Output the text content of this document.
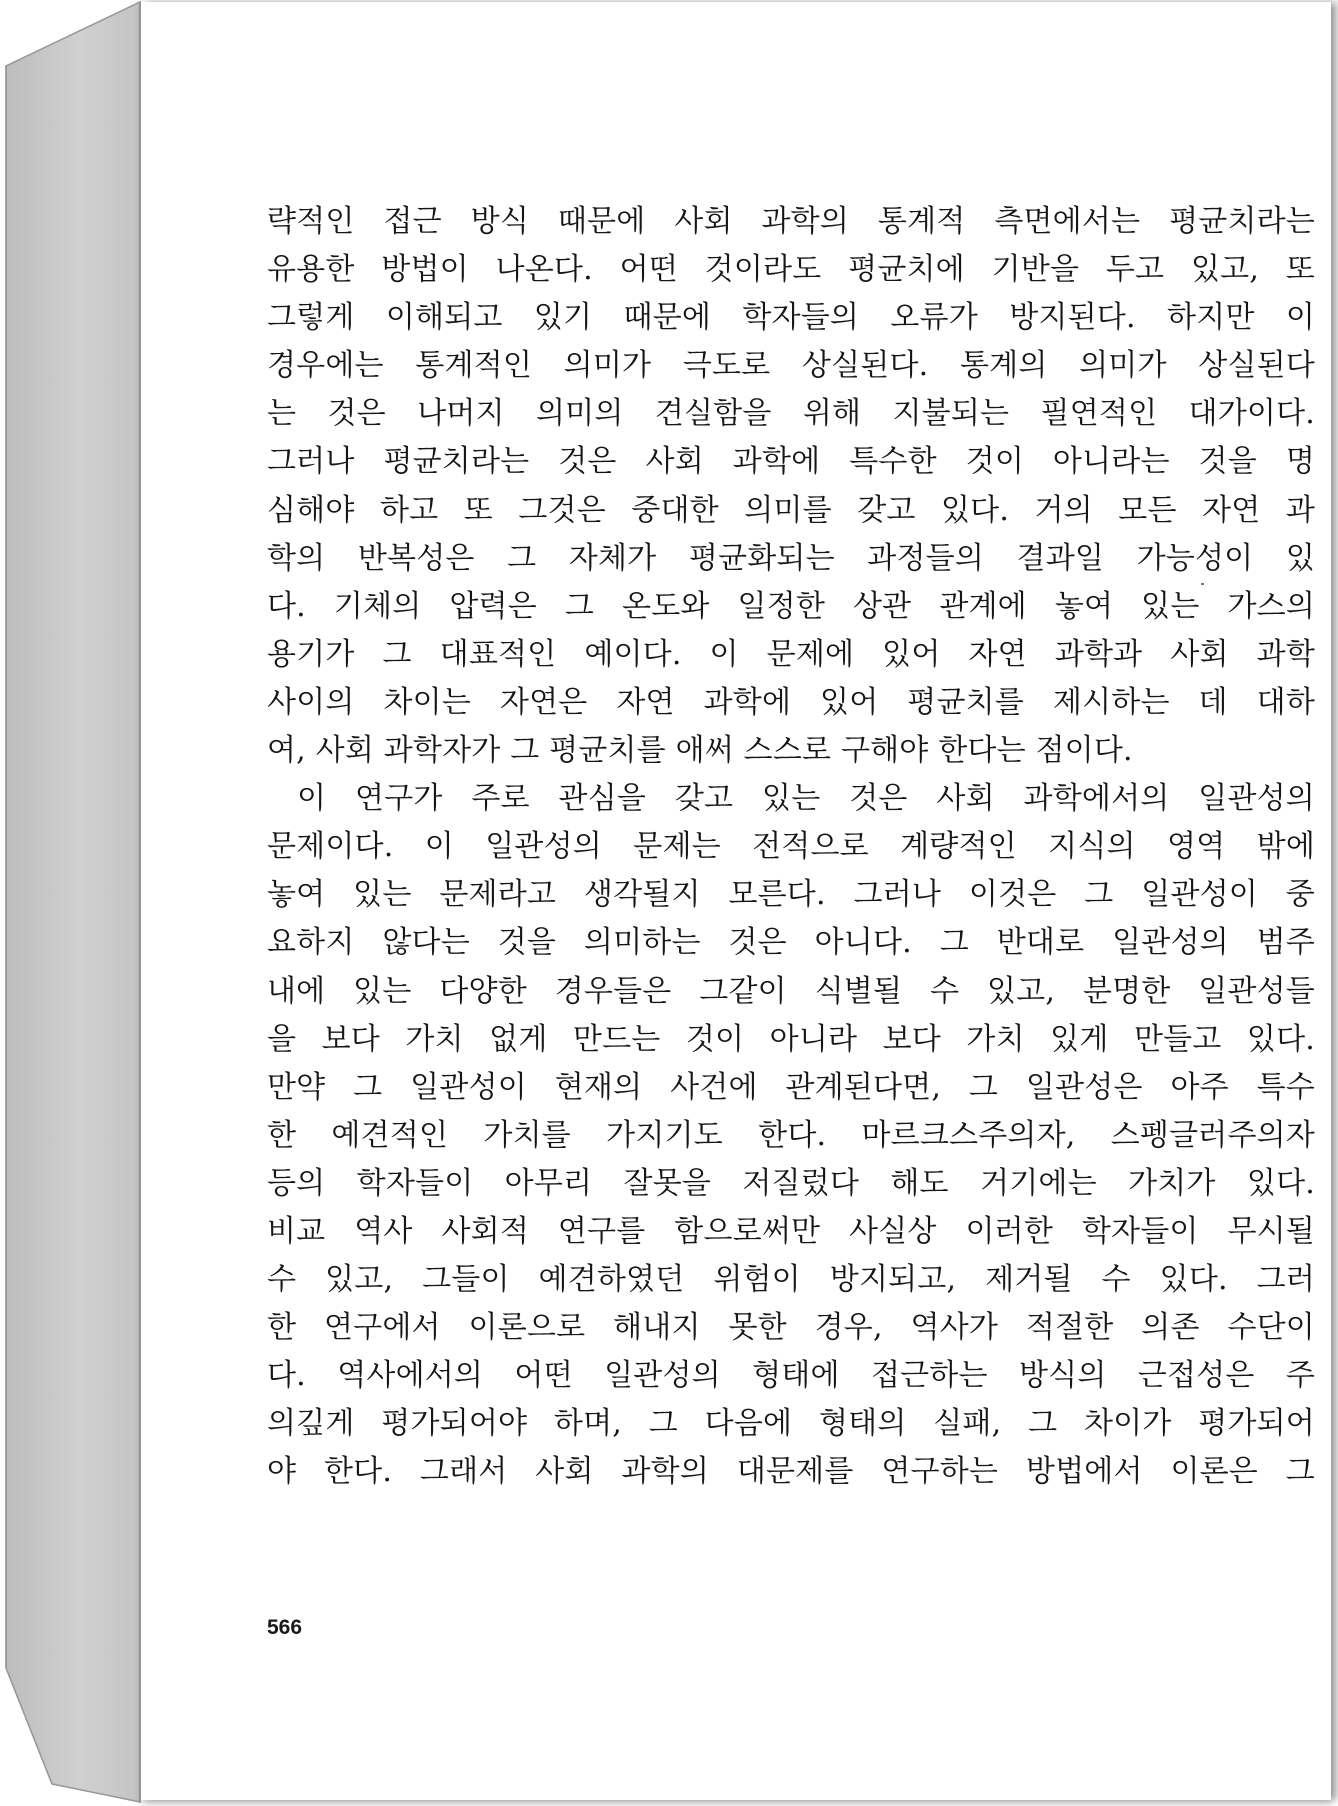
략적인 접근 방식 때문에 사회 과학의 통계적 측면에서는 평균치라는
유용한 방법이 나온다. 어떤 것이라도 평균치에 기반을 두고 있고, 또
그렇게 이해되고 있기 때문에 학자들의 오류가 방지된다. 하지만 이
경우에는 통계적인 의미가 극도로 상실된다. 통계의 의미가 상실된다
는 것은 나머지 의미의 견실함을 위해 지불되는 필연적인 대가이다.
그러나 평균치라는 것은 사회 과학에 특수한 것이 아니라는 것을 명
심해야 하고 또 그것은 중대한 의미를 갖고 있다. 거의 모든 자연 과
학의 반복성은 그 자체가 평균화되는 과정들의 결과일 가능성이 있
다. 기체의 압력은 그 온도와 일정한 상관 관계에 놓여 있는 가스의
용기가 그 대표적인 예이다. 이 문제에 있어 자연 과학과 사회 과학
사이의 차이는 자연은 자연 과학에 있어 평균치를 제시하는 데 대하
여, 사회 과학자가 그 평균치를 애써 스스로 구해야 한다는 점이다.
이 연구가 주로 관심을 갖고 있는 것은 사회 과학에서의 일관성의
문제이다. 이 일관성의 문제는 전적으로 계량적인 지식의 영역 밖에
놓여 있는 문제라고 생각될지 모른다. 그러나 이것은 그 일관성이 중
요하지 않다는 것을 의미하는 것은 아니다. 그 반대로 일관성의 범주
내에 있는 다양한 경우들은 그같이 식별될 수 있고, 분명한 일관성들
을 보다 가치 없게 만드는 것이 아니라 보다 가치 있게 만들고 있다.
만약 그 일관성이 현재의 사건에 관계된다면, 그 일관성은 아주 특수
한 예견적인 가치를 가지기도 한다. 마르크스주의자, 스펭글러주의자
등의 학자들이 아무리 잘못을 저질렀다 해도 거기에는 가치가 있다.
비교 역사 사회적 연구를 함으로써만 사실상 이러한 학자들이 무시될
수 있고, 그들이 예견하였던 위험이 방지되고, 제거될 수 있다. 그러
한 연구에서 이론으로 해내지 못한 경우, 역사가 적절한 의존 수단이
다. 역사에서의 어떤 일관성의 형태에 접근하는 방식의 근접성은 주
의깊게 평가되어야 하며, 그 다음에 형태의 실패, 그 차이가 평가되어
야 한다. 그래서 사회 과학의 대문제를 연구하는 방법에서 이론은 그
566
